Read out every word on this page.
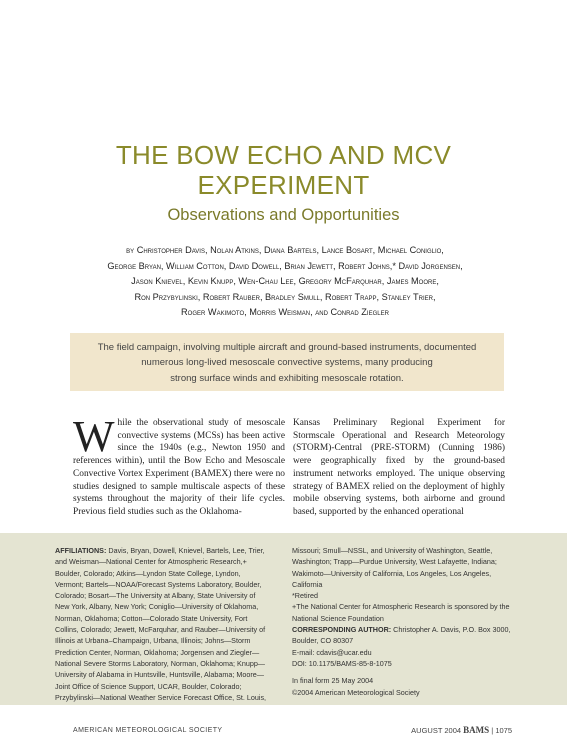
THE BOW ECHO AND MCV
EXPERIMENT
Observations and Opportunities
by Christopher Davis, Nolan Atkins, Diana Bartels, Lance Bosart, Michael Coniglio,
George Bryan, William Cotton, David Dowell, Brian Jewett, Robert Johns,* David Jorgensen,
Jason Knievel, Kevin Knupp, Wen-Chau Lee, Gregory McFarquhar, James Moore,
Ron Przybylinski, Robert Rauber, Bradley Smull, Robert Trapp, Stanley Trier,
Roger Wakimoto, Morris Weisman, and Conrad Ziegler
The field campaign, involving multiple aircraft and ground-based instruments, documented
numerous long-lived mesoscale convective systems, many producing
strong surface winds and exhibiting mesoscale rotation.
W hile the observational study of mesoscale convective systems (MCSs) has been active since the 1940s (e.g., Newton 1950 and references within), until the Bow Echo and Mesoscale Convective Vortex Experiment (BAMEX) there were no studies designed to sample multiscale aspects of these systems throughout the majority of their life cycles. Previous field studies such as the Oklahoma-
Kansas Preliminary Regional Experiment for Stormscale Operational and Research Meteorology (STORM)-Central (PRE-STORM) (Cunning 1986) were geographically fixed by the ground-based instrument networks employed. The unique observing strategy of BAMEX relied on the deployment of highly mobile observing systems, both airborne and ground based, supported by the enhanced operational

AFFILIATIONS: Davis, Bryan, Dowell, Knievel, Bartels, Lee, Trier, and Weisman—National Center for Atmospheric Research,+ Boulder, Colorado; Atkins—Lyndon State College, Lyndon, Vermont; Bartels—NOAA/Forecast Systems Laboratory, Boulder, Colorado; Bosart—The University at Albany, State University of New York, Albany, New York; Coniglio—University of Oklahoma, Norman, Oklahoma; Cotton—Colorado State University, Fort Collins, Colorado; Jewett, McFarquhar, and Rauber—University of Illinois at Urbana–Champaign, Urbana, Illinois; Johns—Storm Prediction Center, Norman, Oklahoma; Jorgensen and Ziegler—National Severe Storms Laboratory, Norman, Oklahoma; Knupp—University of Alabama in Huntsville, Huntsville, Alabama; Moore—Joint Office of Science Support, UCAR, Boulder, Colorado; Przybylinski—National Weather Service Forecast Office, St. Louis,

Missouri; Smull—NSSL, and University of Washington, Seattle, Washington; Trapp—Purdue University, West Lafayette, Indiana; Wakimoto—University of California, Los Angeles, Los Angeles, California

*Retired

+The National Center for Atmospheric Research is sponsored by the National Science Foundation

CORRESPONDING AUTHOR: Christopher A. Davis, P.O. Box 3000, Boulder, CO 80307

E-mail: cdavis@ucar.edu

DOI: 10.1175/BAMS-85-8-1075

In final form 25 May 2004

©2004 American Meteorological Society

AMERICAN METEOROLOGICAL SOCIETY	AUGUST 2004 BAMS | 1075
